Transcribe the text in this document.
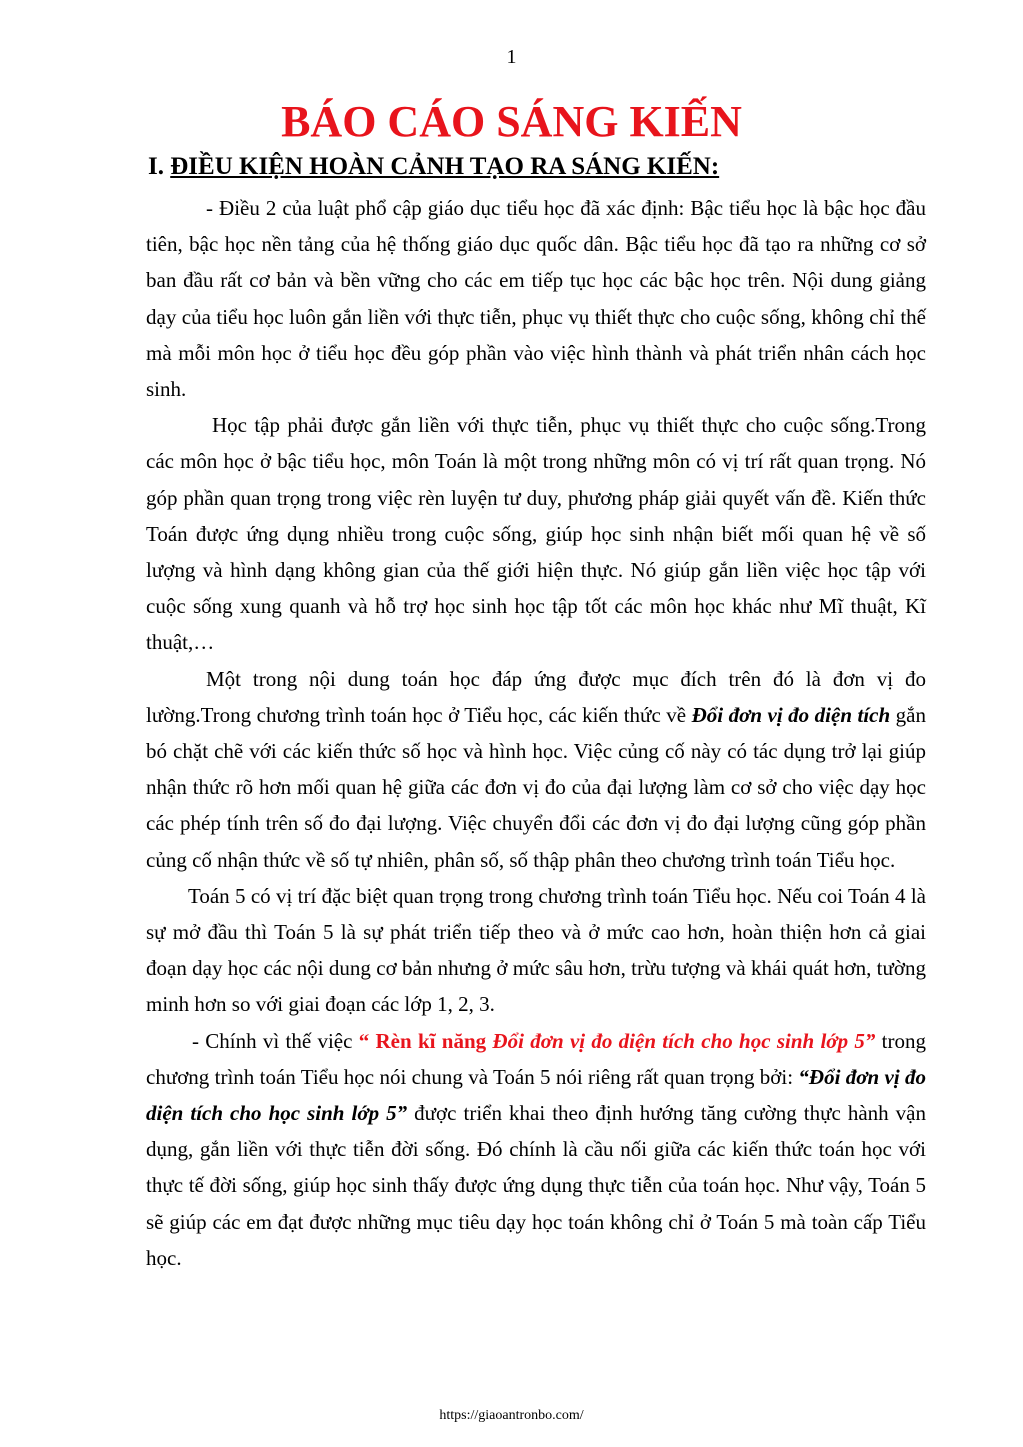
1
BÁO CÁO SÁNG KIẾN
I. ĐIỀU KIỆN HOÀN CẢNH TẠO RA SÁNG KIẾN:

- Điều 2 của luật phổ cập giáo dục tiểu học đã xác định: Bậc tiểu học là bậc học đầu tiên, bậc học nền tảng của hệ thống giáo dục quốc dân. Bậc tiểu học đã tạo ra những cơ sở ban đầu rất cơ bản và bền vững cho các em tiếp tục học các bậc học trên. Nội dung giảng dạy của tiểu học luôn gắn liền với thực tiễn, phục vụ thiết thực cho cuộc sống, không chỉ thế mà mỗi môn học ở tiểu học đều góp phần vào việc hình thành và phát triển nhân cách học sinh.

Học tập phải được gắn liền với thực tiễn, phục vụ thiết thực cho cuộc sống.Trong các môn học ở bậc tiểu học, môn Toán là một trong những môn có vị trí rất quan trọng. Nó góp phần quan trọng trong việc rèn luyện tư duy, phương pháp giải quyết vấn đề. Kiến thức Toán được ứng dụng nhiều trong cuộc sống, giúp học sinh nhận biết mối quan hệ về số lượng và hình dạng không gian của thế giới hiện thực. Nó giúp gắn liền việc học tập với cuộc sống xung quanh và hỗ trợ học sinh học tập tốt các môn học khác như Mĩ thuật, Kĩ thuật,…

Một trong nội dung toán học đáp ứng được mục đích trên đó là đơn vị đo lường.Trong chương trình toán học ở Tiểu học, các kiến thức về Đổi đơn vị đo diện tích gắn bó chặt chẽ với các kiến thức số học và hình học. Việc củng cố này có tác dụng trở lại giúp nhận thức rõ hơn mối quan hệ giữa các đơn vị đo của đại lượng làm cơ sở cho việc dạy học các phép tính trên số đo đại lượng. Việc chuyển đổi các đơn vị đo đại lượng cũng góp phần củng cố nhận thức về số tự nhiên, phân số, số thập phân theo chương trình toán Tiểu học.

Toán 5 có vị trí đặc biệt quan trọng trong chương trình toán Tiểu học. Nếu coi Toán 4 là sự mở đầu thì Toán 5 là sự phát triển tiếp theo và ở mức cao hơn, hoàn thiện hơn cả giai đoạn dạy học các nội dung cơ bản nhưng ở mức sâu hơn, trừu tượng và khái quát hơn, tường minh hơn so với giai đoạn các lớp 1, 2, 3.

- Chính vì thế việc “ Rèn kĩ năng Đổi đơn vị đo diện tích cho học sinh lớp 5” trong chương trình toán Tiểu học nói chung và Toán 5 nói riêng rất quan trọng bởi: “Đổi đơn vị đo diện tích cho học sinh lớp 5” được triển khai theo định hướng tăng cường thực hành vận dụng, gắn liền với thực tiễn đời sống. Đó chính là cầu nối giữa các kiến thức toán học với thực tế đời sống, giúp học sinh thấy được ứng dụng thực tiễn của toán học. Như vậy, Toán 5 sẽ giúp các em đạt được những mục tiêu dạy học toán không chỉ ở Toán 5 mà toàn cấp Tiểu học.

https://giaoantronbo.com/
